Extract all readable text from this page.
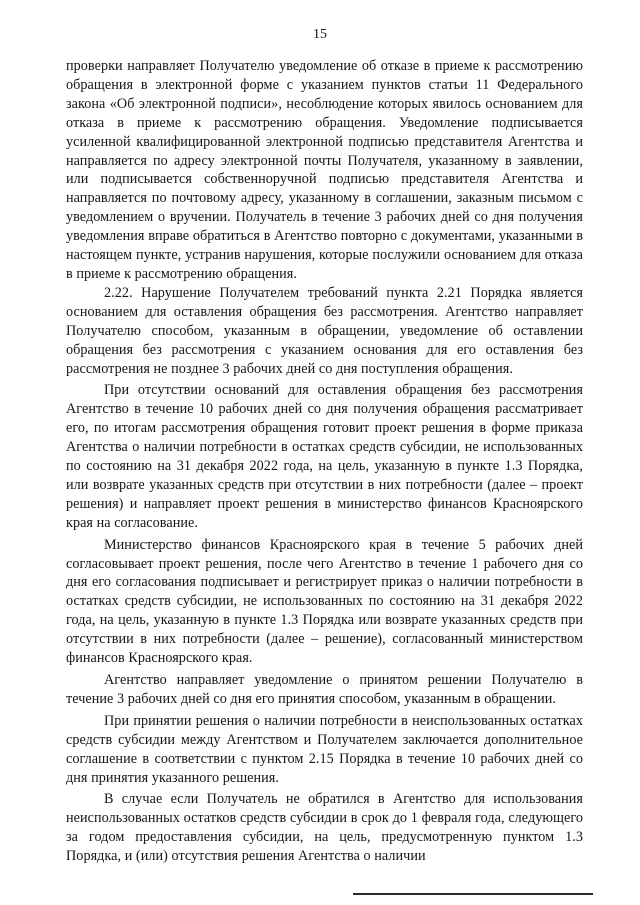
15

проверки направляет Получателю уведомление об отказе в приеме к рассмотрению обращения в электронной форме с указанием пунктов статьи 11 Федерального закона «Об электронной подписи», несоблюдение которых явилось основанием для отказа в приеме к рассмотрению обращения. Уведомление подписывается усиленной квалифицированной электронной подписью представителя Агентства и направляется по адресу электронной почты Получателя, указанному в заявлении, или подписывается собственноручной подписью представителя Агентства и направляется по почтовому адресу, указанному в соглашении, заказным письмом с уведомлением о вручении. Получатель в течение 3 рабочих дней со дня получения уведомления вправе обратиться в Агентство повторно с документами, указанными в настоящем пункте, устранив нарушения, которые послужили основанием для отказа в приеме к рассмотрению обращения.

2.22. Нарушение Получателем требований пункта 2.21 Порядка является основанием для оставления обращения без рассмотрения. Агентство направляет Получателю способом, указанным в обращении, уведомление об оставлении обращения без рассмотрения с указанием основания для его оставления без рассмотрения не позднее 3 рабочих дней со дня поступления обращения.

При отсутствии оснований для оставления обращения без рассмотрения Агентство в течение 10 рабочих дней со дня получения обращения рассматривает его, по итогам рассмотрения обращения готовит проект решения в форме приказа Агентства о наличии потребности в остатках средств субсидии, не использованных по состоянию на 31 декабря 2022 года, на цель, указанную в пункте 1.3 Порядка, или возврате указанных средств при отсутствии в них потребности (далее – проект решения) и направляет проект решения в министерство финансов Красноярского края на согласование.

Министерство финансов Красноярского края в течение 5 рабочих дней согласовывает проект решения, после чего Агентство в течение 1 рабочего дня со дня его согласования подписывает и регистрирует приказ о наличии потребности в остатках средств субсидии, не использованных по состоянию на 31 декабря 2022 года, на цель, указанную в пункте 1.3 Порядка или возврате указанных средств при отсутствии в них потребности (далее – решение), согласованный министерством финансов Красноярского края.

Агентство направляет уведомление о принятом решении Получателю в течение 3 рабочих дней со дня его принятия способом, указанным в обращении.

При принятии решения о наличии потребности в неиспользованных остатках средств субсидии между Агентством и Получателем заключается дополнительное соглашение в соответствии с пунктом 2.15 Порядка в течение 10 рабочих дней со дня принятия указанного решения.

В случае если Получатель не обратился в Агентство для использования неиспользованных остатков средств субсидии в срок до 1 февраля года, следующего за годом предоставления субсидии, на цель, предусмотренную пунктом 1.3 Порядка, и (или) отсутствия решения Агентства о наличии
